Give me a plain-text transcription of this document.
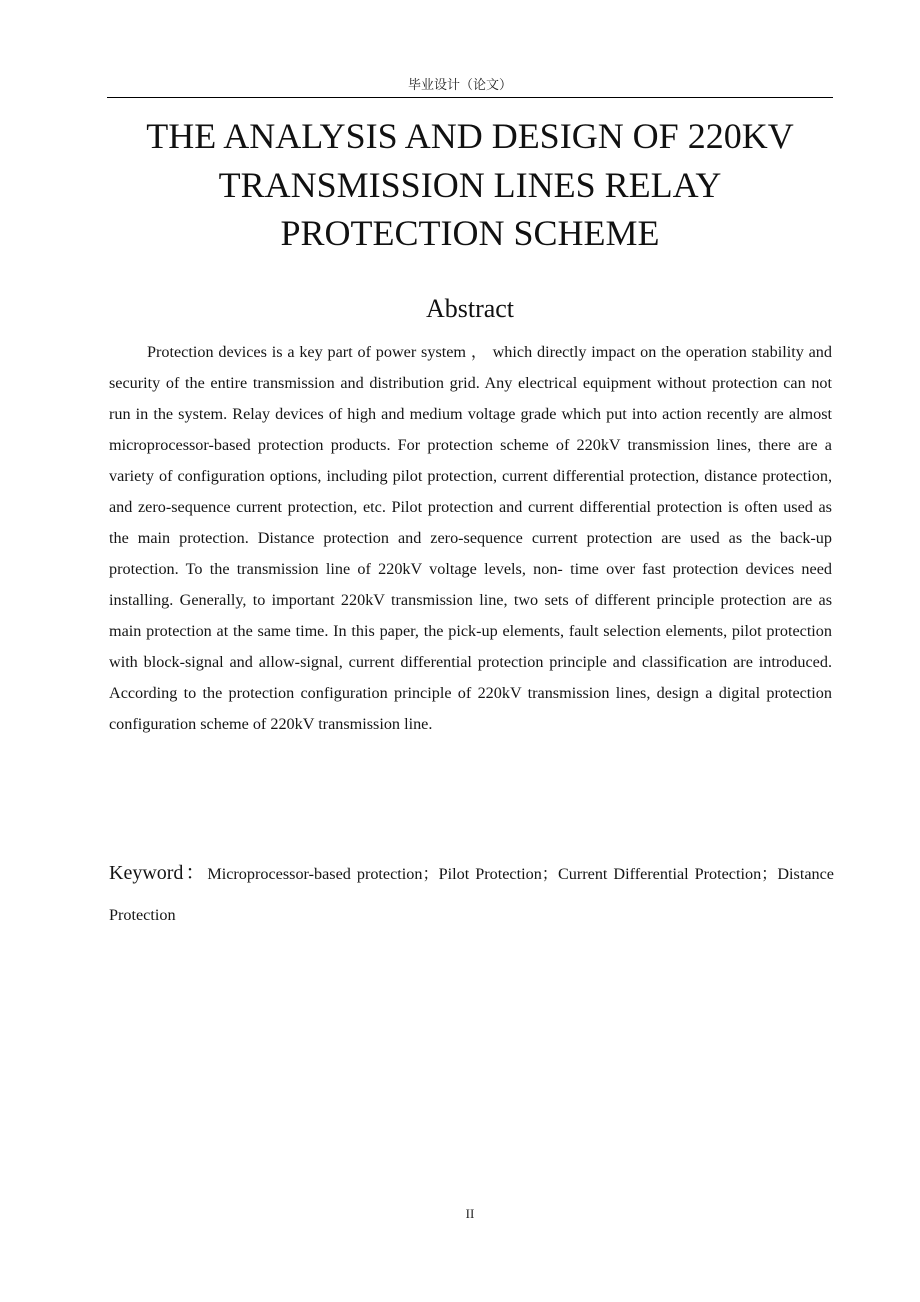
毕业设计（论文）
THE ANALYSIS AND DESIGN OF 220KV
TRANSMISSION LINES RELAY
PROTECTION SCHEME
Abstract

Protection devices is a key part of power system ， which directly impact on the operation stability and security of the entire transmission and distribution grid. Any electrical equipment without protection can not run in the system. Relay devices of high and medium voltage grade which put into action recently are almost microprocessor-based protection products. For protection scheme of 220kV transmission lines, there are a variety of configuration options, including pilot protection, current differential protection, distance protection, and zero-sequence current protection, etc. Pilot protection and current differential protection is often used as the main protection. Distance protection and zero-sequence current protection are used as the back-up protection. To the transmission line of 220kV voltage levels, non- time over fast protection devices need installing. Generally, to important 220kV transmission line, two sets of different principle protection are as main protection at the same time. In this paper, the pick-up elements, fault selection elements, pilot protection with block-signal and allow-signal, current differential protection principle and classification are introduced. According to the protection configuration principle of 220kV transmission lines, design a digital protection configuration scheme of 220kV transmission line.

Keyword：Microprocessor-based protection；Pilot Protection；Current Differential Protection；Distance Protection

II
